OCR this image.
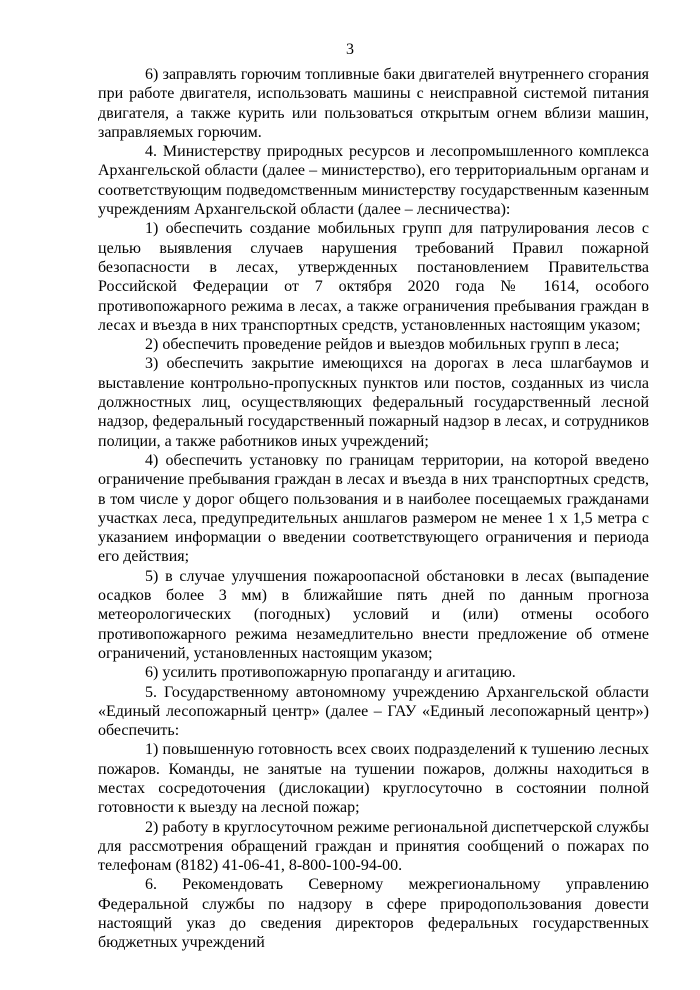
3

6) заправлять горючим топливные баки двигателей внутреннего сгорания при работе двигателя, использовать машины с неисправной системой питания двигателя, а также курить или пользоваться открытым огнем вблизи машин, заправляемых горючим.

4. Министерству природных ресурсов и лесопромышленного комплекса Архангельской области (далее – министерство), его территориальным органам и соответствующим подведомственным министерству государственным казенным учреждениям Архангельской области (далее – лесничества):

1) обеспечить создание мобильных групп для патрулирования лесов с целью выявления случаев нарушения требований Правил пожарной безопасности в лесах, утвержденных постановлением Правительства Российской Федерации от 7 октября 2020 года № 1614, особого противопожарного режима в лесах, а также ограничения пребывания граждан в лесах и въезда в них транспортных средств, установленных настоящим указом;

2) обеспечить проведение рейдов и выездов мобильных групп в леса;

3) обеспечить закрытие имеющихся на дорогах в леса шлагбаумов и выставление контрольно-пропускных пунктов или постов, созданных из числа должностных лиц, осуществляющих федеральный государственный лесной надзор, федеральный государственный пожарный надзор в лесах, и сотрудников полиции, а также работников иных учреждений;

4) обеспечить установку по границам территории, на которой введено ограничение пребывания граждан в лесах и въезда в них транспортных средств, в том числе у дорог общего пользования и в наиболее посещаемых гражданами участках леса, предупредительных аншлагов размером не менее 1 х 1,5 метра с указанием информации о введении соответствующего ограничения и периода его действия;

5) в случае улучшения пожароопасной обстановки в лесах (выпадение осадков более 3 мм) в ближайшие пять дней по данным прогноза метеорологических (погодных) условий и (или) отмены особого противопожарного режима незамедлительно внести предложение об отмене ограничений, установленных настоящим указом;

6) усилить противопожарную пропаганду и агитацию.

5. Государственному автономному учреждению Архангельской области «Единый лесопожарный центр» (далее – ГАУ «Единый лесопожарный центр») обеспечить:

1) повышенную готовность всех своих подразделений к тушению лесных пожаров. Команды, не занятые на тушении пожаров, должны находиться в местах сосредоточения (дислокации) круглосуточно в состоянии полной готовности к выезду на лесной пожар;

2) работу в круглосуточном режиме региональной диспетчерской службы для рассмотрения обращений граждан и принятия сообщений о пожарах по телефонам (8182) 41-06-41, 8-800-100-94-00.

6. Рекомендовать Северному межрегиональному управлению Федеральной службы по надзору в сфере природопользования довести настоящий указ до сведения директоров федеральных государственных бюджетных учреждений
